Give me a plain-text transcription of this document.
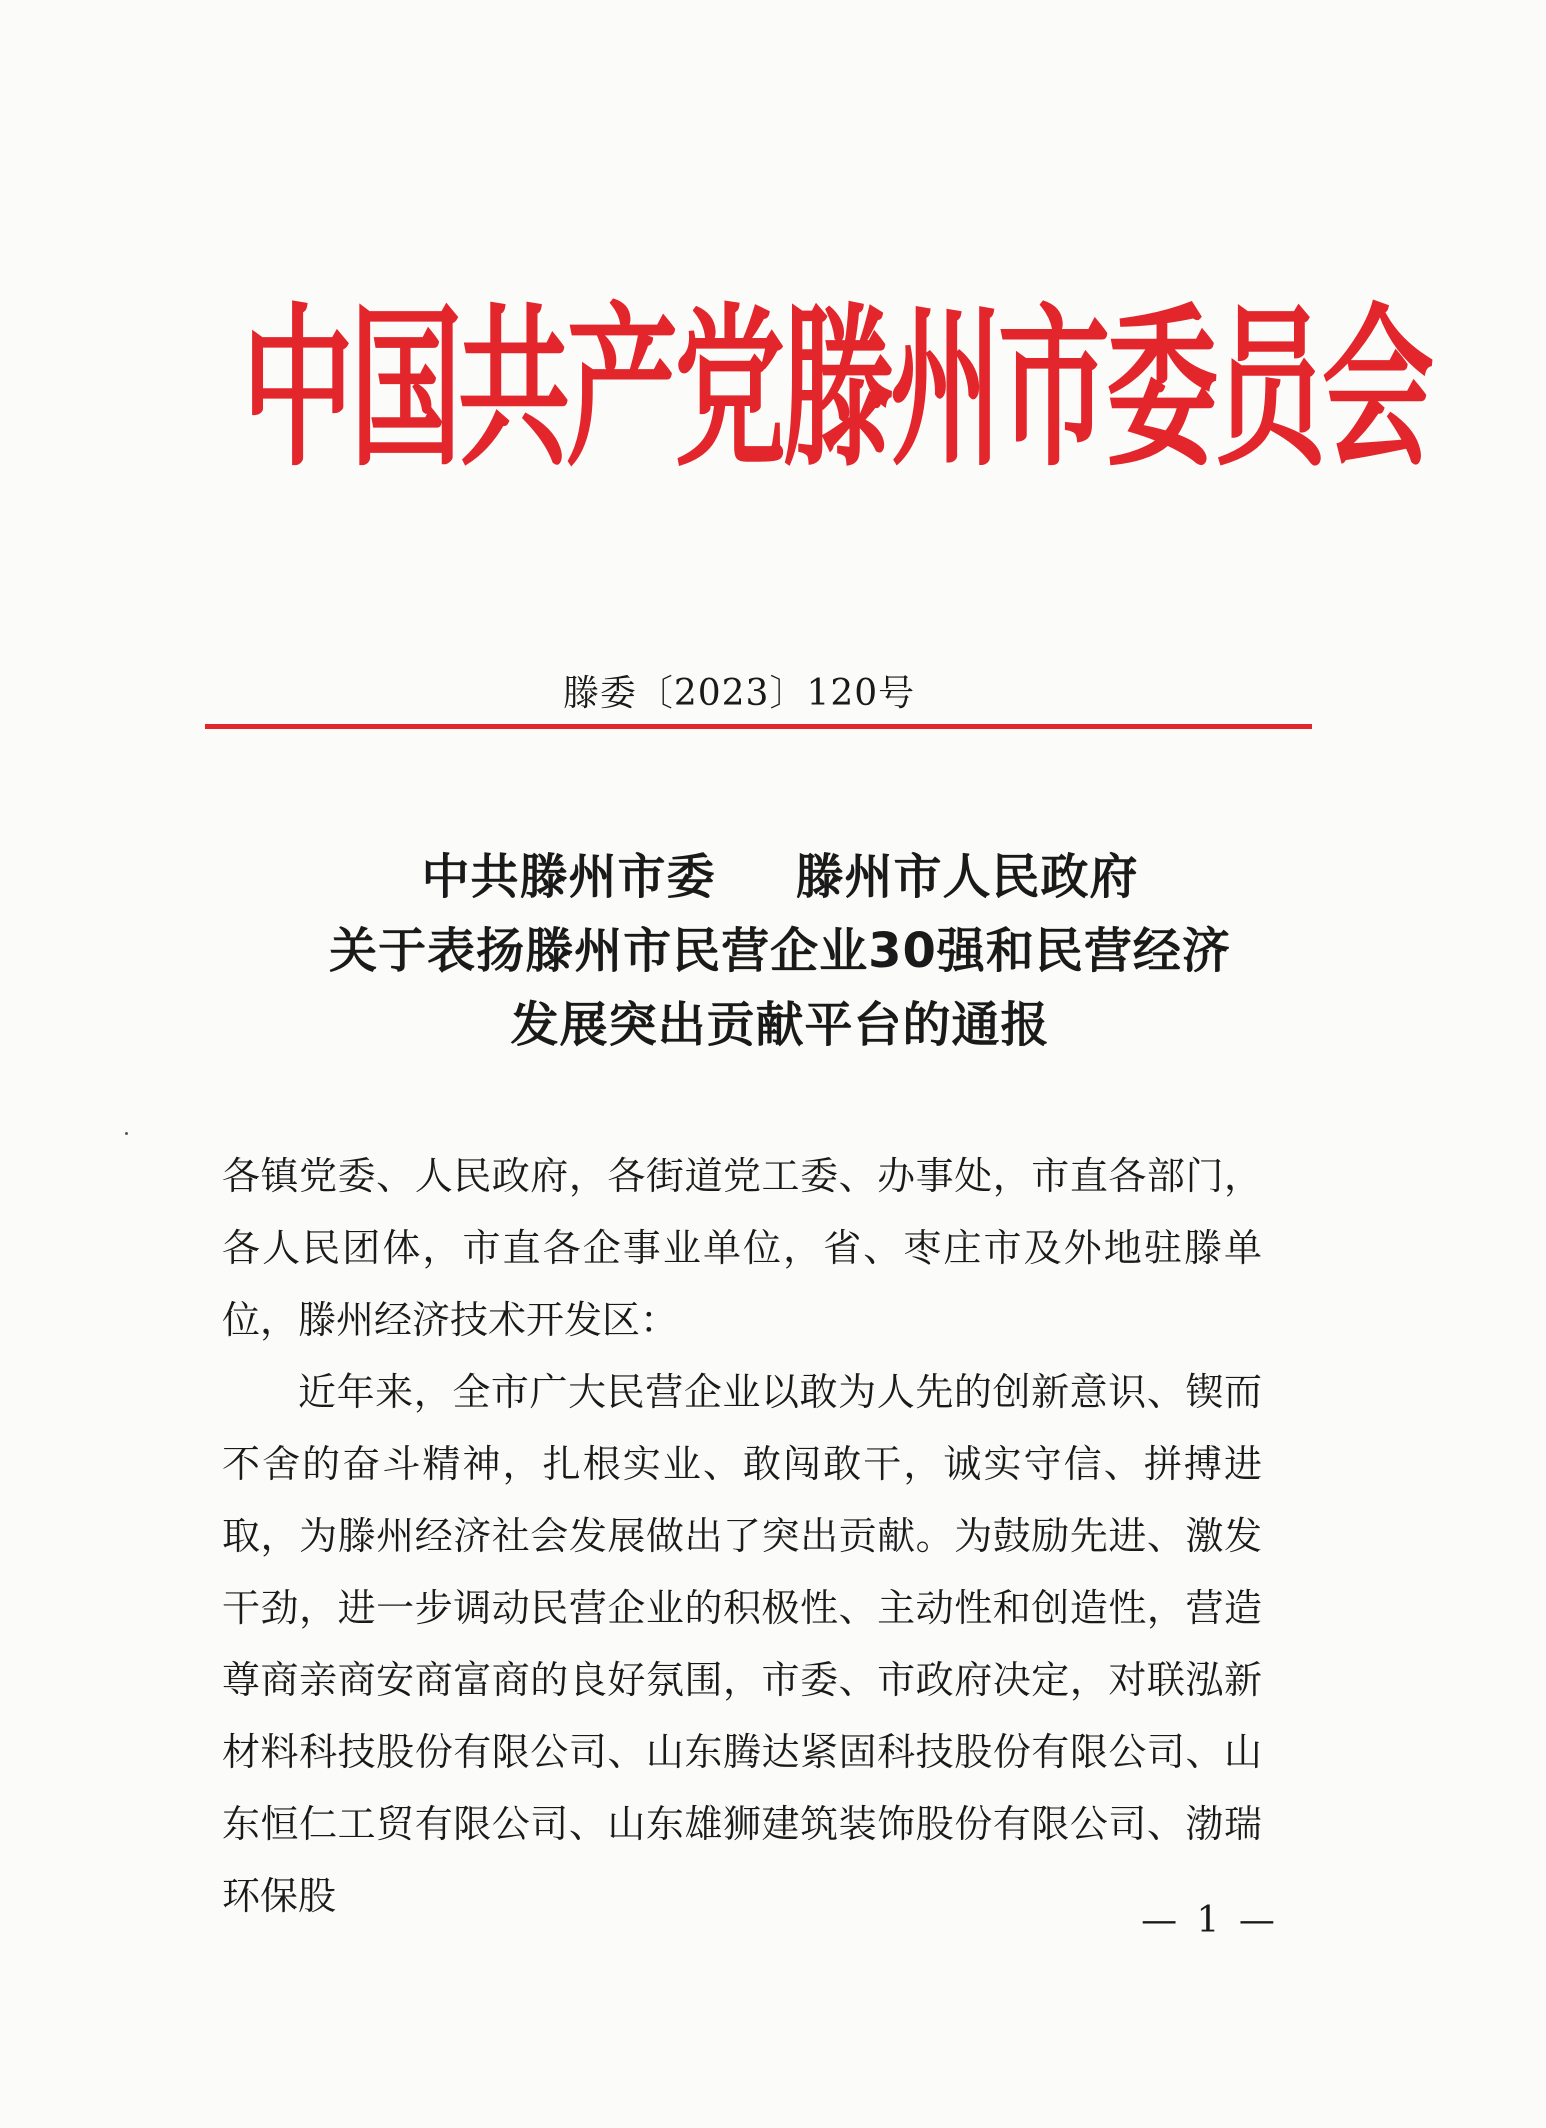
中国共产党滕州市委员会
滕委〔2023〕120号
中共滕州市委 滕州市人民政府
关于表扬滕州市民营企业30强和民营经济
发展突出贡献平台的通报

各镇党委、人民政府，各街道党工委、办事处，市直各部门，各人民团体，市直各企事业单位，省、枣庄市及外地驻滕单位，滕州经济技术开发区：

近年来，全市广大民营企业以敢为人先的创新意识、锲而不舍的奋斗精神，扎根实业、敢闯敢干，诚实守信、拼搏进取，为滕州经济社会发展做出了突出贡献。为鼓励先进、激发干劲，进一步调动民营企业的积极性、主动性和创造性，营造尊商亲商安商富商的良好氛围，市委、市政府决定，对联泓新材料科技股份有限公司、山东腾达紧固科技股份有限公司、山东恒仁工贸有限公司、山东雄狮建筑装饰股份有限公司、渤瑞环保股

— 1 —
